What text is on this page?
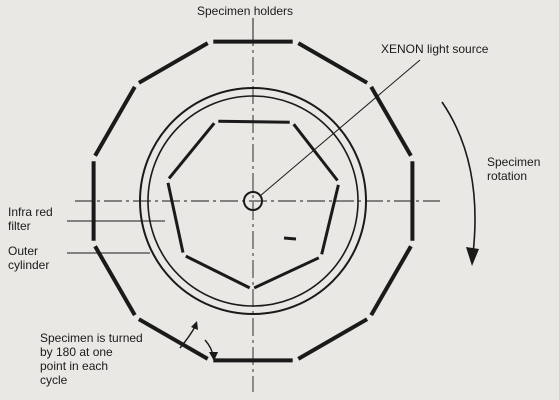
Specimen holders

XENON light source

Specimen

rotation

Infra red

filter

Outer

cylinder

Specimen is turned

by 180 at one

point in each

cycle
